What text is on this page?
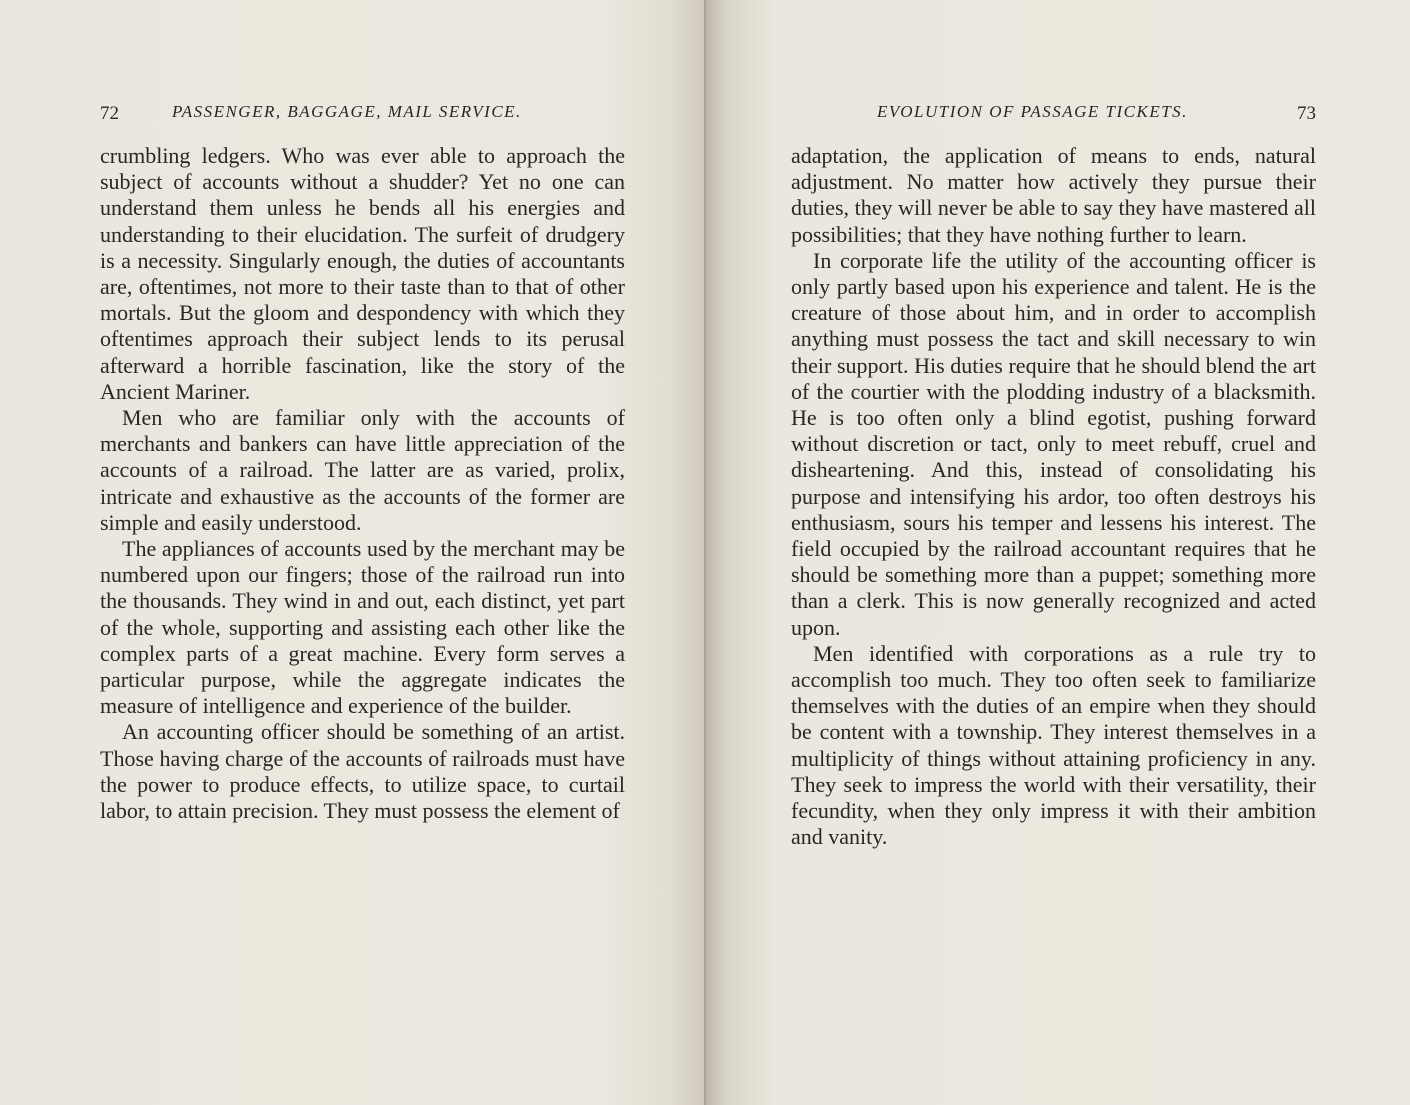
72	PASSENGER, BAGGAGE, MAIL SERVICE.

crumbling ledgers. Who was ever able to approach the subject of accounts without a shudder? Yet no one can understand them unless he bends all his energies and understanding to their elucidation. The surfeit of drudgery is a necessity. Singularly enough, the duties of accountants are, oftentimes, not more to their taste than to that of other mortals. But the gloom and despondency with which they oftentimes approach their subject lends to its perusal afterward a horrible fascination, like the story of the Ancient Mariner.

Men who are familiar only with the accounts of merchants and bankers can have little appreciation of the accounts of a railroad. The latter are as varied, prolix, intricate and exhaustive as the accounts of the former are simple and easily understood.

The appliances of accounts used by the merchant may be numbered upon our fingers; those of the railroad run into the thousands. They wind in and out, each distinct, yet part of the whole, supporting and assisting each other like the complex parts of a great machine. Every form serves a particular purpose, while the aggregate indicates the measure of intelligence and experience of the builder.

An accounting officer should be something of an artist. Those having charge of the accounts of railroads must have the power to produce effects, to utilize space, to curtail labor, to attain precision. They must possess the element of

EVOLUTION OF PASSAGE TICKETS.	73

adaptation, the application of means to ends, natural adjustment. No matter how actively they pursue their duties, they will never be able to say they have mastered all possibilities; that they have nothing further to learn.

In corporate life the utility of the accounting officer is only partly based upon his experience and talent. He is the creature of those about him, and in order to accomplish anything must possess the tact and skill necessary to win their support. His duties require that he should blend the art of the courtier with the plodding industry of a blacksmith. He is too often only a blind egotist, pushing forward without discretion or tact, only to meet rebuff, cruel and disheartening. And this, instead of consolidating his purpose and intensifying his ardor, too often destroys his enthusiasm, sours his temper and lessens his interest. The field occupied by the railroad accountant requires that he should be something more than a puppet; something more than a clerk. This is now generally recognized and acted upon.

Men identified with corporations as a rule try to accomplish too much. They too often seek to familiarize themselves with the duties of an empire when they should be content with a township. They interest themselves in a multiplicity of things without attaining proficiency in any. They seek to impress the world with their versatility, their fecundity, when they only impress it with their ambition and vanity.
